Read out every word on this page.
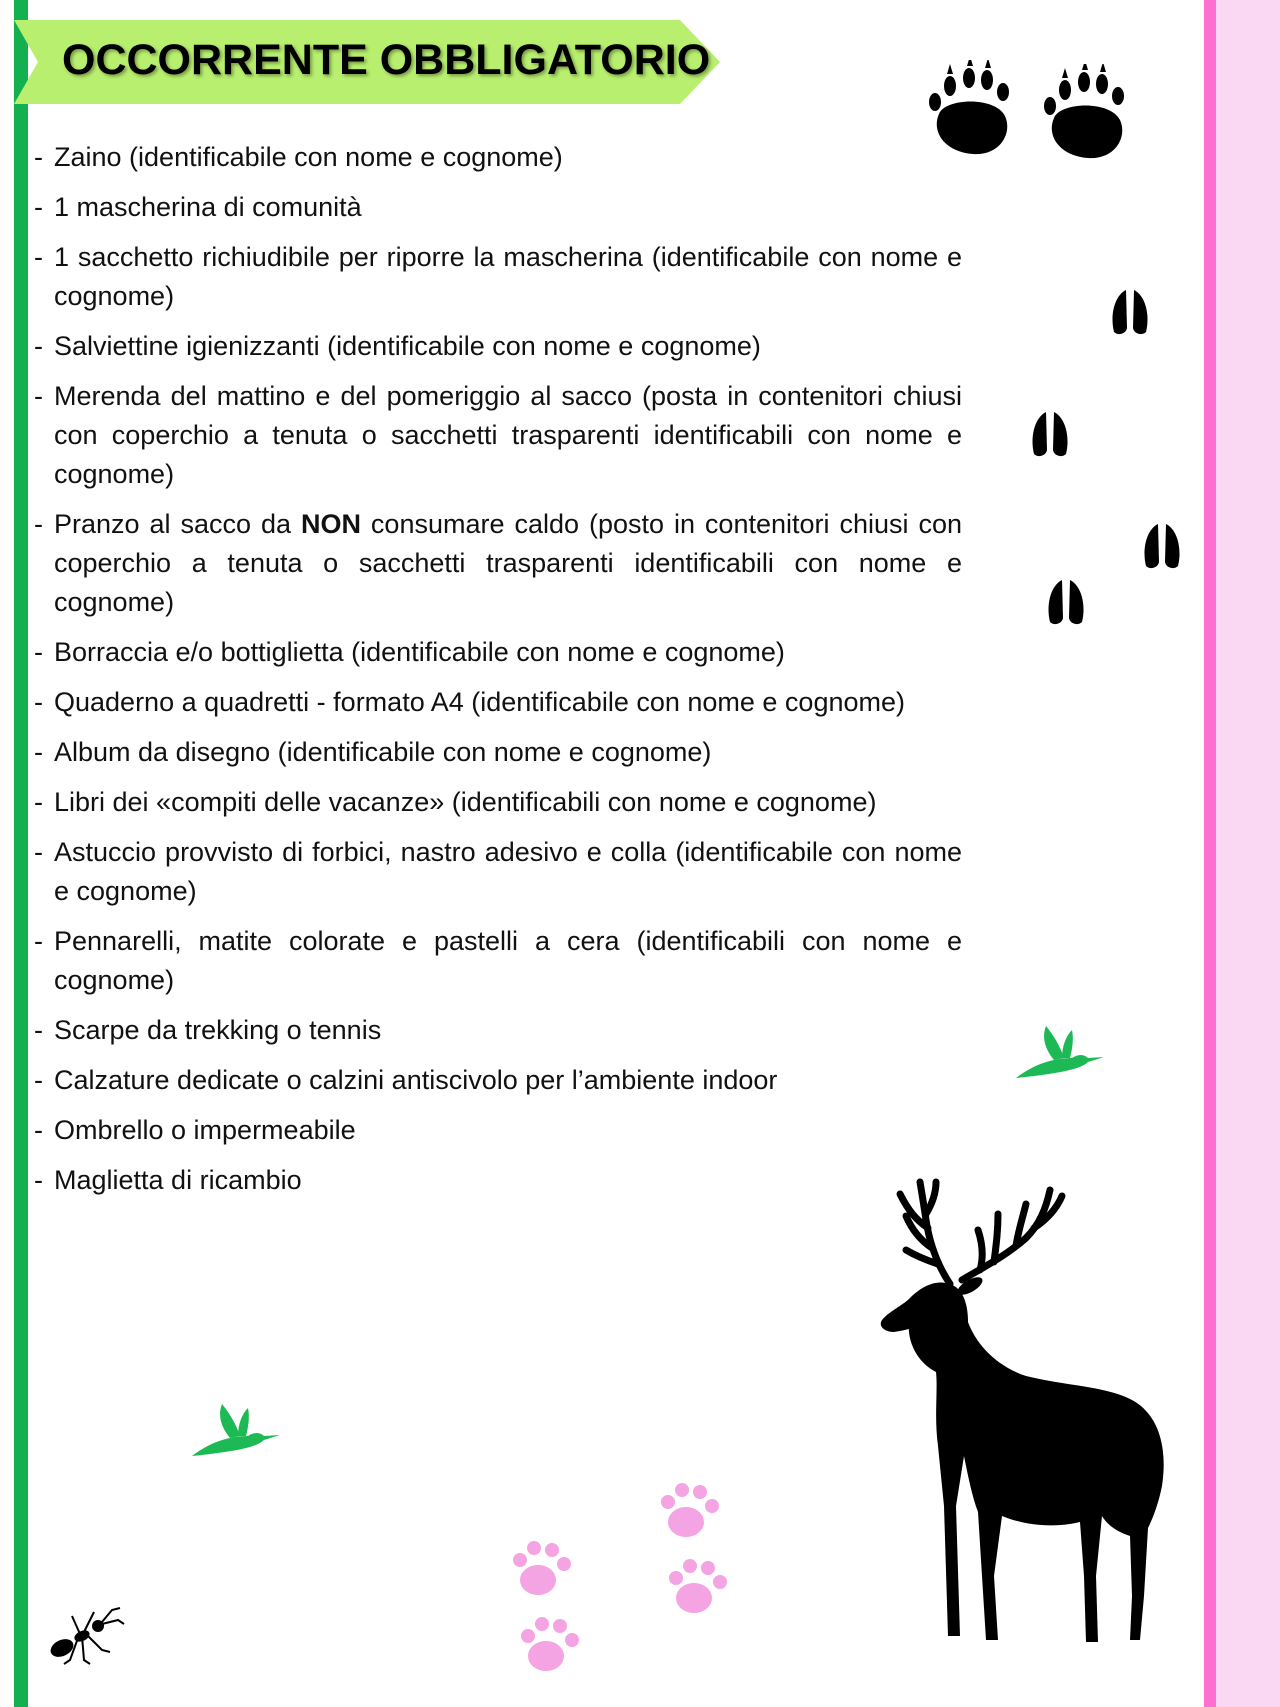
OCCORRENTE OBBLIGATORIO
- Zaino (identificabile con nome e cognome)
- 1 mascherina di comunità
- 1 sacchetto richiudibile per riporre la mascherina (identificabile con nome e cognome)
- Salviettine igienizzanti (identificabile con nome e cognome)
- Merenda del mattino e del pomeriggio al sacco (posta in contenitori chiusi con coperchio a tenuta o sacchetti trasparenti identificabili con nome e cognome)
- Pranzo al sacco da NON consumare caldo (posto in contenitori chiusi con coperchio a tenuta o sacchetti trasparenti identificabili con nome e cognome)
- Borraccia e/o bottiglietta (identificabile con nome e cognome)
- Quaderno a quadretti - formato A4 (identificabile con nome e cognome)
- Album da disegno (identificabile con nome e cognome)
- Libri dei «compiti delle vacanze» (identificabili con nome e cognome)
- Astuccio provvisto di forbici, nastro adesivo e colla (identificabile con nome e cognome)
- Pennarelli, matite colorate e pastelli a cera (identificabili con nome e cognome)
- Scarpe da trekking o tennis
- Calzature dedicate o calzini antiscivolo per l’ambiente indoor
- Ombrello o impermeabile
- Maglietta di ricambio
